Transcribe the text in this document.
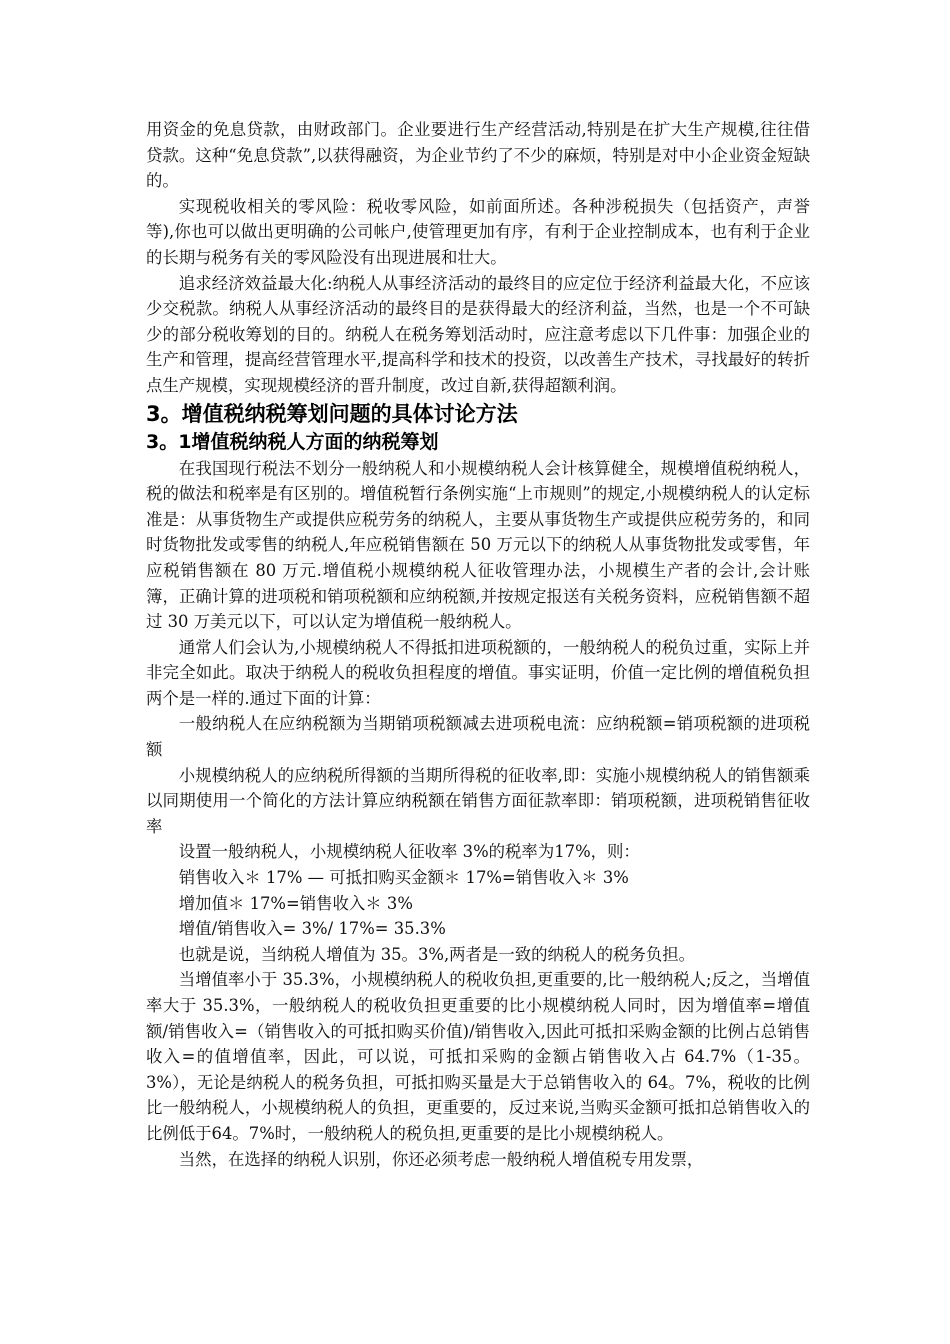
用资金的免息贷款，由财政部门。企业要进行生产经营活动,特别是在扩大生产规模,往往借贷款。这种“免息贷款”,以获得融资，为企业节约了不少的麻烦，特别是对中小企业资金短缺的。

实现税收相关的零风险：税收零风险，如前面所述。各种涉税损失（包括资产，声誉等),你也可以做出更明确的公司帐户,使管理更加有序，有利于企业控制成本，也有利于企业的长期与税务有关的零风险没有出现进展和壮大。

追求经济效益最大化:纳税人从事经济活动的最终目的应定位于经济利益最大化，不应该少交税款。纳税人从事经济活动的最终目的是获得最大的经济利益，当然，也是一个不可缺少的部分税收筹划的目的。纳税人在税务筹划活动时，应注意考虑以下几件事：加强企业的生产和管理，提高经营管理水平,提高科学和技术的投资，以改善生产技术，寻找最好的转折点生产规模，实现规模经济的晋升制度，改过自新,获得超额利润。

3。增值税纳税筹划问题的具体讨论方法
3。1增值税纳税人方面的纳税筹划

在我国现行税法不划分一般纳税人和小规模纳税人会计核算健全，规模增值税纳税人，税的做法和税率是有区别的。增值税暂行条例实施“上市规则”的规定,小规模纳税人的认定标准是：从事货物生产或提供应税劳务的纳税人，主要从事货物生产或提供应税劳务的，和同时货物批发或零售的纳税人,年应税销售额在 50 万元以下的纳税人从事货物批发或零售，年应税销售额在 80 万元.增值税小规模纳税人征收管理办法，小规模生产者的会计,会计账簿，正确计算的进项税和销项税额和应纳税额,并按规定报送有关税务资料，应税销售额不超过 30 万美元以下，可以认定为增值税一般纳税人。

通常人们会认为,小规模纳税人不得抵扣进项税额的，一般纳税人的税负过重，实际上并非完全如此。取决于纳税人的税收负担程度的增值。事实证明，价值一定比例的增值税负担两个是一样的.通过下面的计算：

一般纳税人在应纳税额为当期销项税额减去进项税电流：应纳税额=销项税额的进项税额

小规模纳税人的应纳税所得额的当期所得税的征收率,即：实施小规模纳税人的销售额乘以同期使用一个简化的方法计算应纳税额在销售方面征款率即：销项税额，进项税销售征收率

设置一般纳税人，小规模纳税人征收率 3%的税率为17%，则：

销售收入＊ 17% — 可抵扣购买金额＊ 17%=销售收入＊ 3%

增加值＊ 17%=销售收入＊ 3%

增值/销售收入= 3%/ 17%= 35.3%

也就是说，当纳税人增值为 35。3%,两者是一致的纳税人的税务负担。

当增值率小于 35.3%，小规模纳税人的税收负担,更重要的,比一般纳税人;反之，当增值率大于 35.3%，一般纳税人的税收负担更重要的比小规模纳税人同时，因为增值率=增值额/销售收入=（销售收入的可抵扣购买价值)/销售收入,因此可抵扣采购金额的比例占总销售收入=的值增值率，因此，可以说，可抵扣采购的金额占销售收入占 64.7%（1-35。3%），无论是纳税人的税务负担，可抵扣购买量是大于总销售收入的 64。7%，税收的比例比一般纳税人，小规模纳税人的负担，更重要的，反过来说,当购买金额可抵扣总销售收入的比例低于64。7%时，一般纳税人的税负担,更重要的是比小规模纳税人。

当然，在选择的纳税人识别，你还必须考虑一般纳税人增值税专用发票，
